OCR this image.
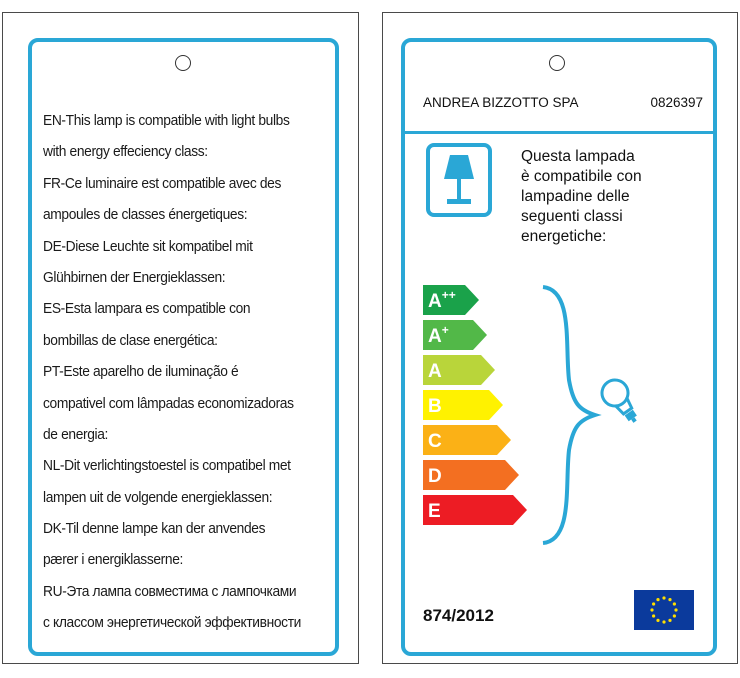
EN-This lamp is compatible with light bulbs
with energy effeciency class:
FR-Ce luminaire est compatible avec des
ampoules de classes énergetiques:
DE-Diese Leuchte sit kompatibel mit
Glühbirnen der Energieklassen:
ES-Esta lampara es compatible con
bombillas de clase energética:
PT-Este aparelho de iluminação é
compativel com lâmpadas economizadoras
de energia:
NL-Dit verlichtingstoestel is compatibel met
lampen uit de volgende energieklassen:
DK-Til denne lampe kan der anvendes
pærer i energiklasserne:
RU-Эта лампа совместима с лампочками
с классом энергетической эффективности
ANDREA BIZZOTTO SPA	0826397
Questa lampada
è compatibile con
lampadine delle
seguenti classi
energetiche:
A++
A+
A
B
C
D
E
874/2012
